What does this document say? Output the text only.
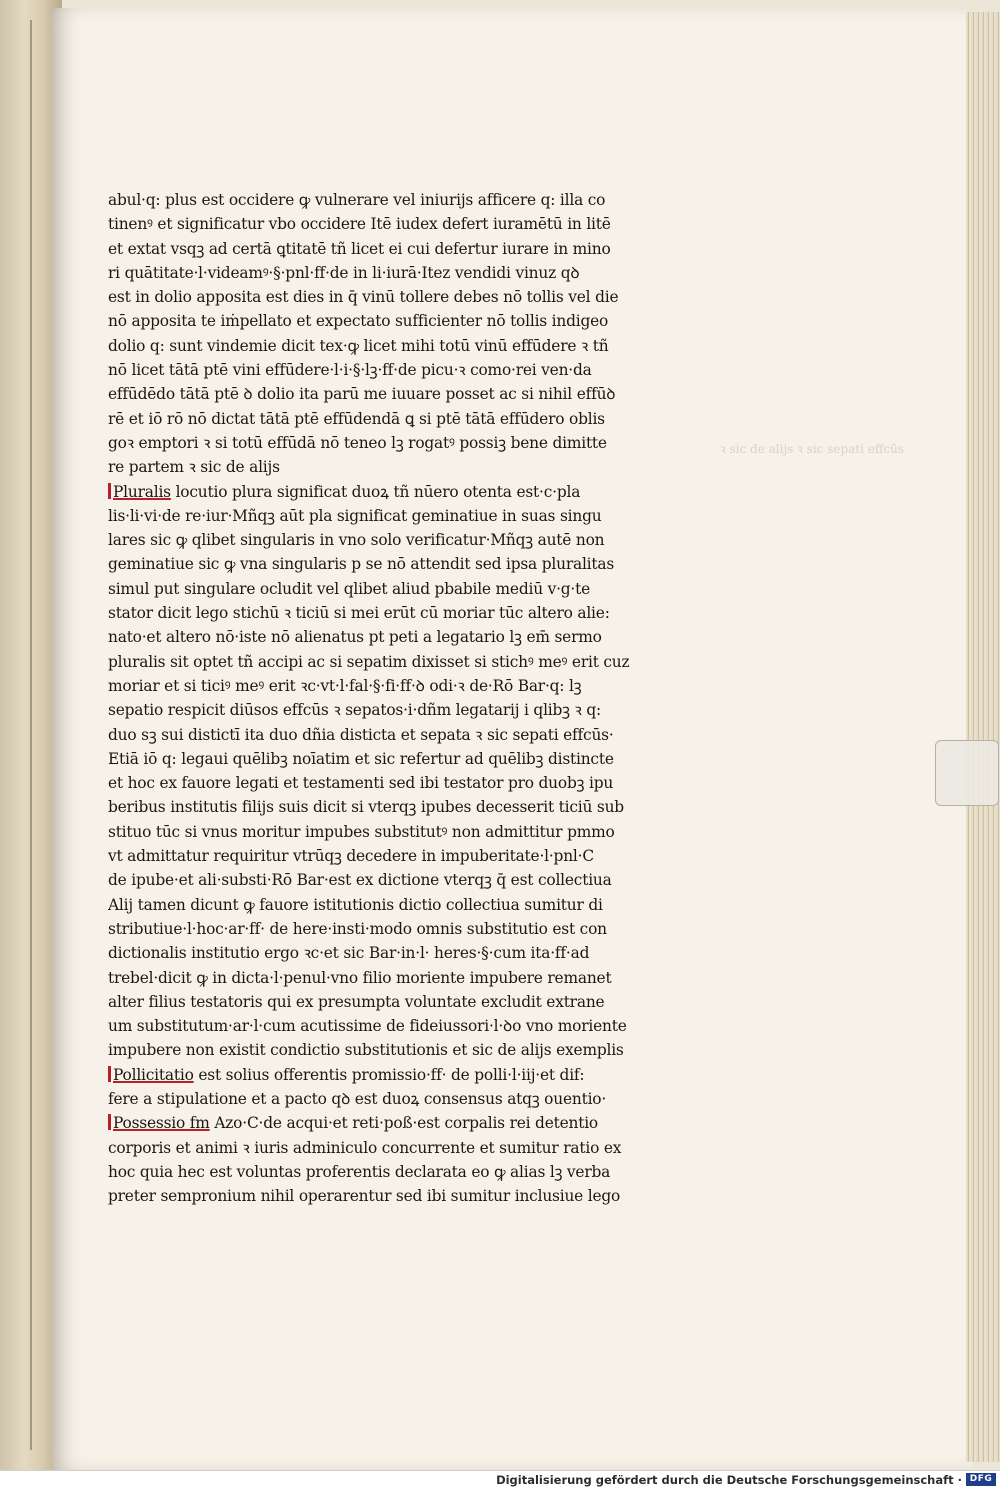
ꝛ sic de alijs ꝛ sic sepati effcūs
abul·q: plus est occidere ꝙ vulnerare vel iniurijs afficere q: illa co
tinenꝰ et significatur vbo occidere Itē iudex defert iuramētū in litē
et extat vsqꝫ ad certā ꝗtitatē tñ licet ei cui defertur iurare in mino
ri quātitate·l·videamꝰ·§·pnl·ff·de in li·iurā·Itez vendidi vinuz qꝺ
est in dolio apposita est dies in q̄ vinū tollere debes nō tollis vel die
nō apposita te iṁpellato et expectato sufficienter nō tollis indigeo
dolio q: sunt vindemie dicit tex·ꝙ licet mihi totū vinū effūdere ꝛ tñ
nō licet tātā ptē vini effūdere·l·i·§·lꝫ·ff·de picu·ꝛ como·rei ven·da
effūdēdo tātā ptē ꝺ dolio ita parū me iuuare posset ac si nihil effūꝺ
rē et iō rō nō dictat tātā ptē effūdendā ꝗ si ptē tātā effūdero oblis
goꝛ emptori ꝛ si totū effūdā nō teneo lꝫ rogatꝰ possiꝫ bene dimitte
re partem ꝛ sic de alijs
Pluralis locutio plura significat duoꝝ tñ nūero otenta est·c·pla
lis·li·vi·de re·iur·Mñqꝫ aūt pla significat geminatiue in suas singu
lares sic ꝙ qlibet singularis in vno solo verificatur·Mñqꝫ autē non
geminatiue sic ꝙ vna singularis p se nō attendit sed ipsa pluralitas
simul put singulare ocludit vel qlibet aliud pbabile mediū v·g·te
stator dicit lego stichū ꝛ ticiū si mei erūt cū moriar tūc altero alie:
nato·et altero nō·iste nō alienatus pt peti a legatario lꝫ em̄ sermo
pluralis sit optet tñ accipi ac si sepatim dixisset si stichꝰ meꝰ erit cuz
moriar et si ticiꝰ meꝰ erit ꝛc·vt·l·fal·§·fi·ff·ꝺ odi·ꝛ de·Rō Bar·q: lꝫ
sepatio respicit diūsos effcūs ꝛ sepatos·i·dñm legatarij i qlibꝫ ꝛ q:
duo sꝫ sui distictī ita duo dñia disticta et sepata ꝛ sic sepati effcūs·
Etiā iō q: legaui quēlibꝫ noīatim et sic refertur ad quēlibꝫ distincte
et hoc ex fauore legati et testamenti sed ibi testator pro duobꝫ ipu
beribus institutis filijs suis dicit si vterqꝫ ipubes decesserit ticiū sub
stituo tūc si vnus moritur impubes substitutꝰ non admittitur pmmo
vt admittatur requiritur vtrūqꝫ decedere in impuberitate·l·pnl·C
de ipube·et ali·substi·Rō Bar·est ex dictione vterqꝫ q̄ est collectiua
Alij tamen dicunt ꝙ fauore istitutionis dictio collectiua sumitur di
stributiue·l·hoc·ar·ff· de here·insti·modo omnis substitutio est con
dictionalis institutio ergo ꝛc·et sic Bar·in·l· heres·§·cum ita·ff·ad
trebel·dicit ꝙ in dicta·l·penul·vno filio moriente impubere remanet
alter filius testatoris qui ex presumpta voluntate excludit extrane
um substitutum·ar·l·cum acutissime de fideiussori·l·ꝺo vno moriente
impubere non existit condictio substitutionis et sic de alijs exemplis
Pollicitatio est solius offerentis promissio·ff· de polli·l·iij·et dif:
fere a stipulatione et a pacto qꝺ est duoꝝ consensus atqꝫ ouentio·
Possessio fm Azo·C·de acqui·et reti·poß·est corpalis rei detentio
corporis et animi ꝛ iuris adminiculo concurrente et sumitur ratio ex
hoc quia hec est voluntas proferentis declarata eo ꝙ alias lꝫ verba
preter sempronium nihil operarentur sed ibi sumitur inclusiue lego
Digitalisierung gefördert durch die Deutsche Forschungsgemeinschaft · DFG
